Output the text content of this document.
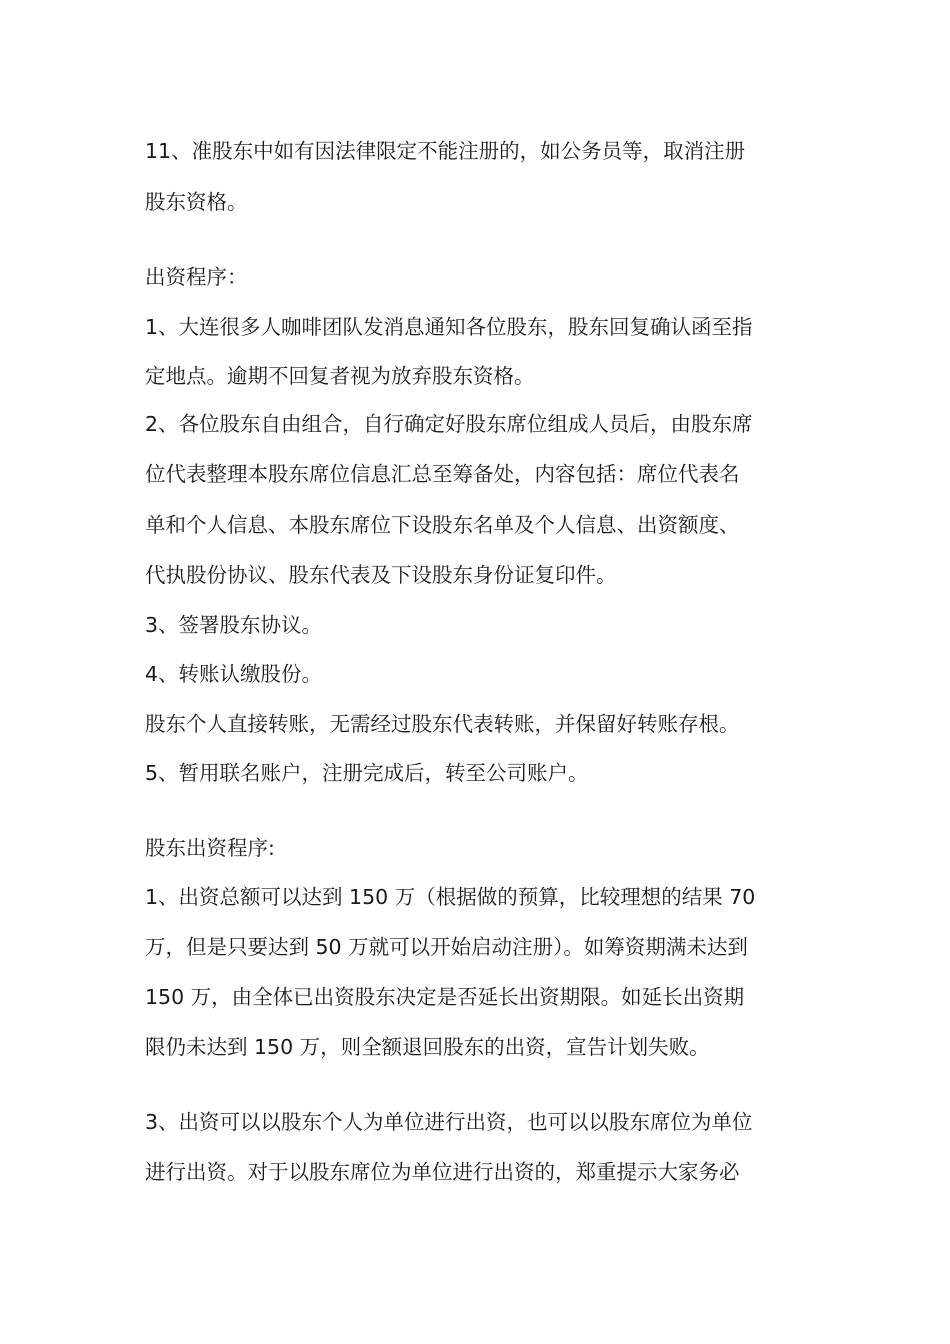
11、准股东中如有因法律限定不能注册的，如公务员等，取消注册

股东资格。

出资程序：

1、大连很多人咖啡团队发消息通知各位股东，股东回复确认函至指

定地点。逾期不回复者视为放弃股东资格。

2、各位股东自由组合，自行确定好股东席位组成人员后，由股东席

位代表整理本股东席位信息汇总至筹备处，内容包括：席位代表名

单和个人信息、本股东席位下设股东名单及个人信息、出资额度、

代执股份协议、股东代表及下设股东身份证复印件。

3、签署股东协议。

4、转账认缴股份。

股东个人直接转账，无需经过股东代表转账，并保留好转账存根。

5、暂用联名账户，注册完成后，转至公司账户。

股东出资程序:

1、出资总额可以达到 150 万（根据做的预算，比较理想的结果 70

万，但是只要达到 50 万就可以开始启动注册）。如筹资期满未达到

150 万，由全体已出资股东决定是否延长出资期限。如延长出资期

限仍未达到 150 万，则全额退回股东的出资，宣告计划失败。

3、出资可以以股东个人为单位进行出资，也可以以股东席位为单位

进行出资。对于以股东席位为单位进行出资的，郑重提示大家务必
